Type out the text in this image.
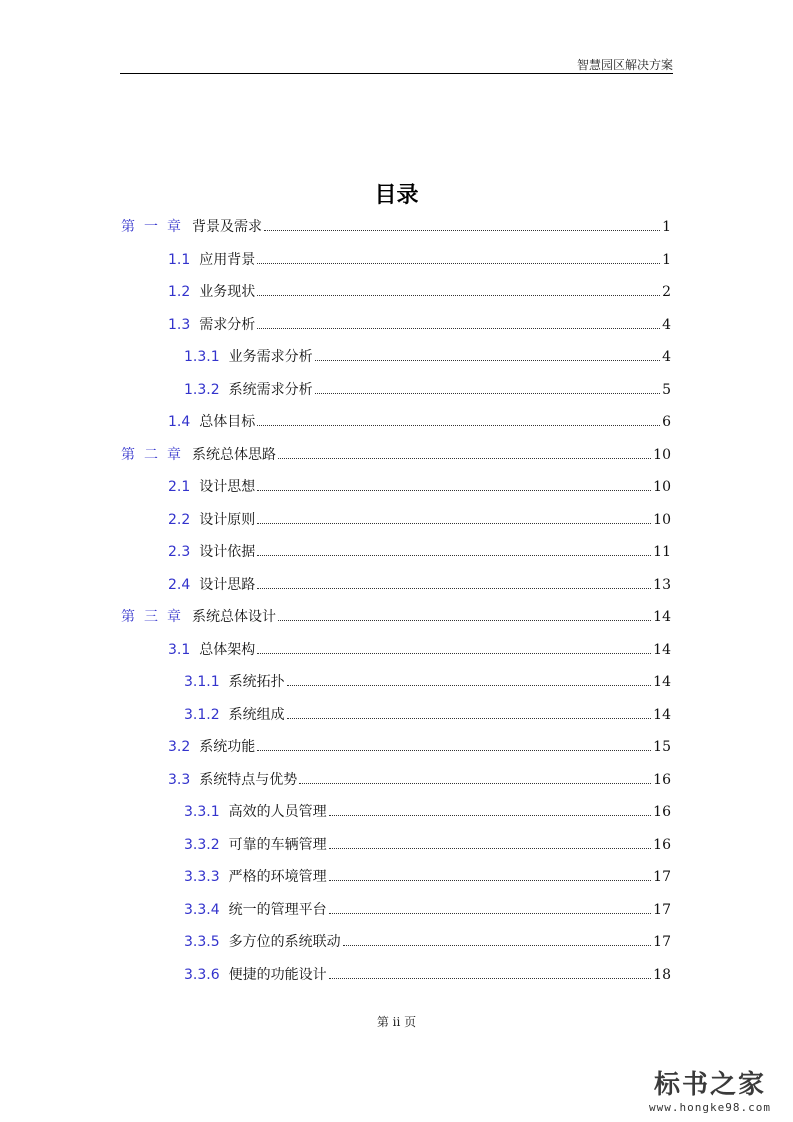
智慧园区解决方案
目录
第一章 背景及需求	1
1.1 应用背景	1
1.2 业务现状	2
1.3 需求分析	4
1.3.1 业务需求分析	4
1.3.2 系统需求分析	5
1.4 总体目标	6
第二章 系统总体思路	10
2.1 设计思想	10
2.2 设计原则	10
2.3 设计依据	11
2.4 设计思路	13
第三章 系统总体设计	14
3.1 总体架构	14
3.1.1 系统拓扑	14
3.1.2 系统组成	14
3.2 系统功能	15
3.3 系统特点与优势	16
3.3.1 高效的人员管理	16
3.3.2 可靠的车辆管理	16
3.3.3 严格的环境管理	17
3.3.4 统一的管理平台	17
3.3.5 多方位的系统联动	17
3.3.6 便捷的功能设计	18
第 ii 页
标书之家
www.hongke98.com
